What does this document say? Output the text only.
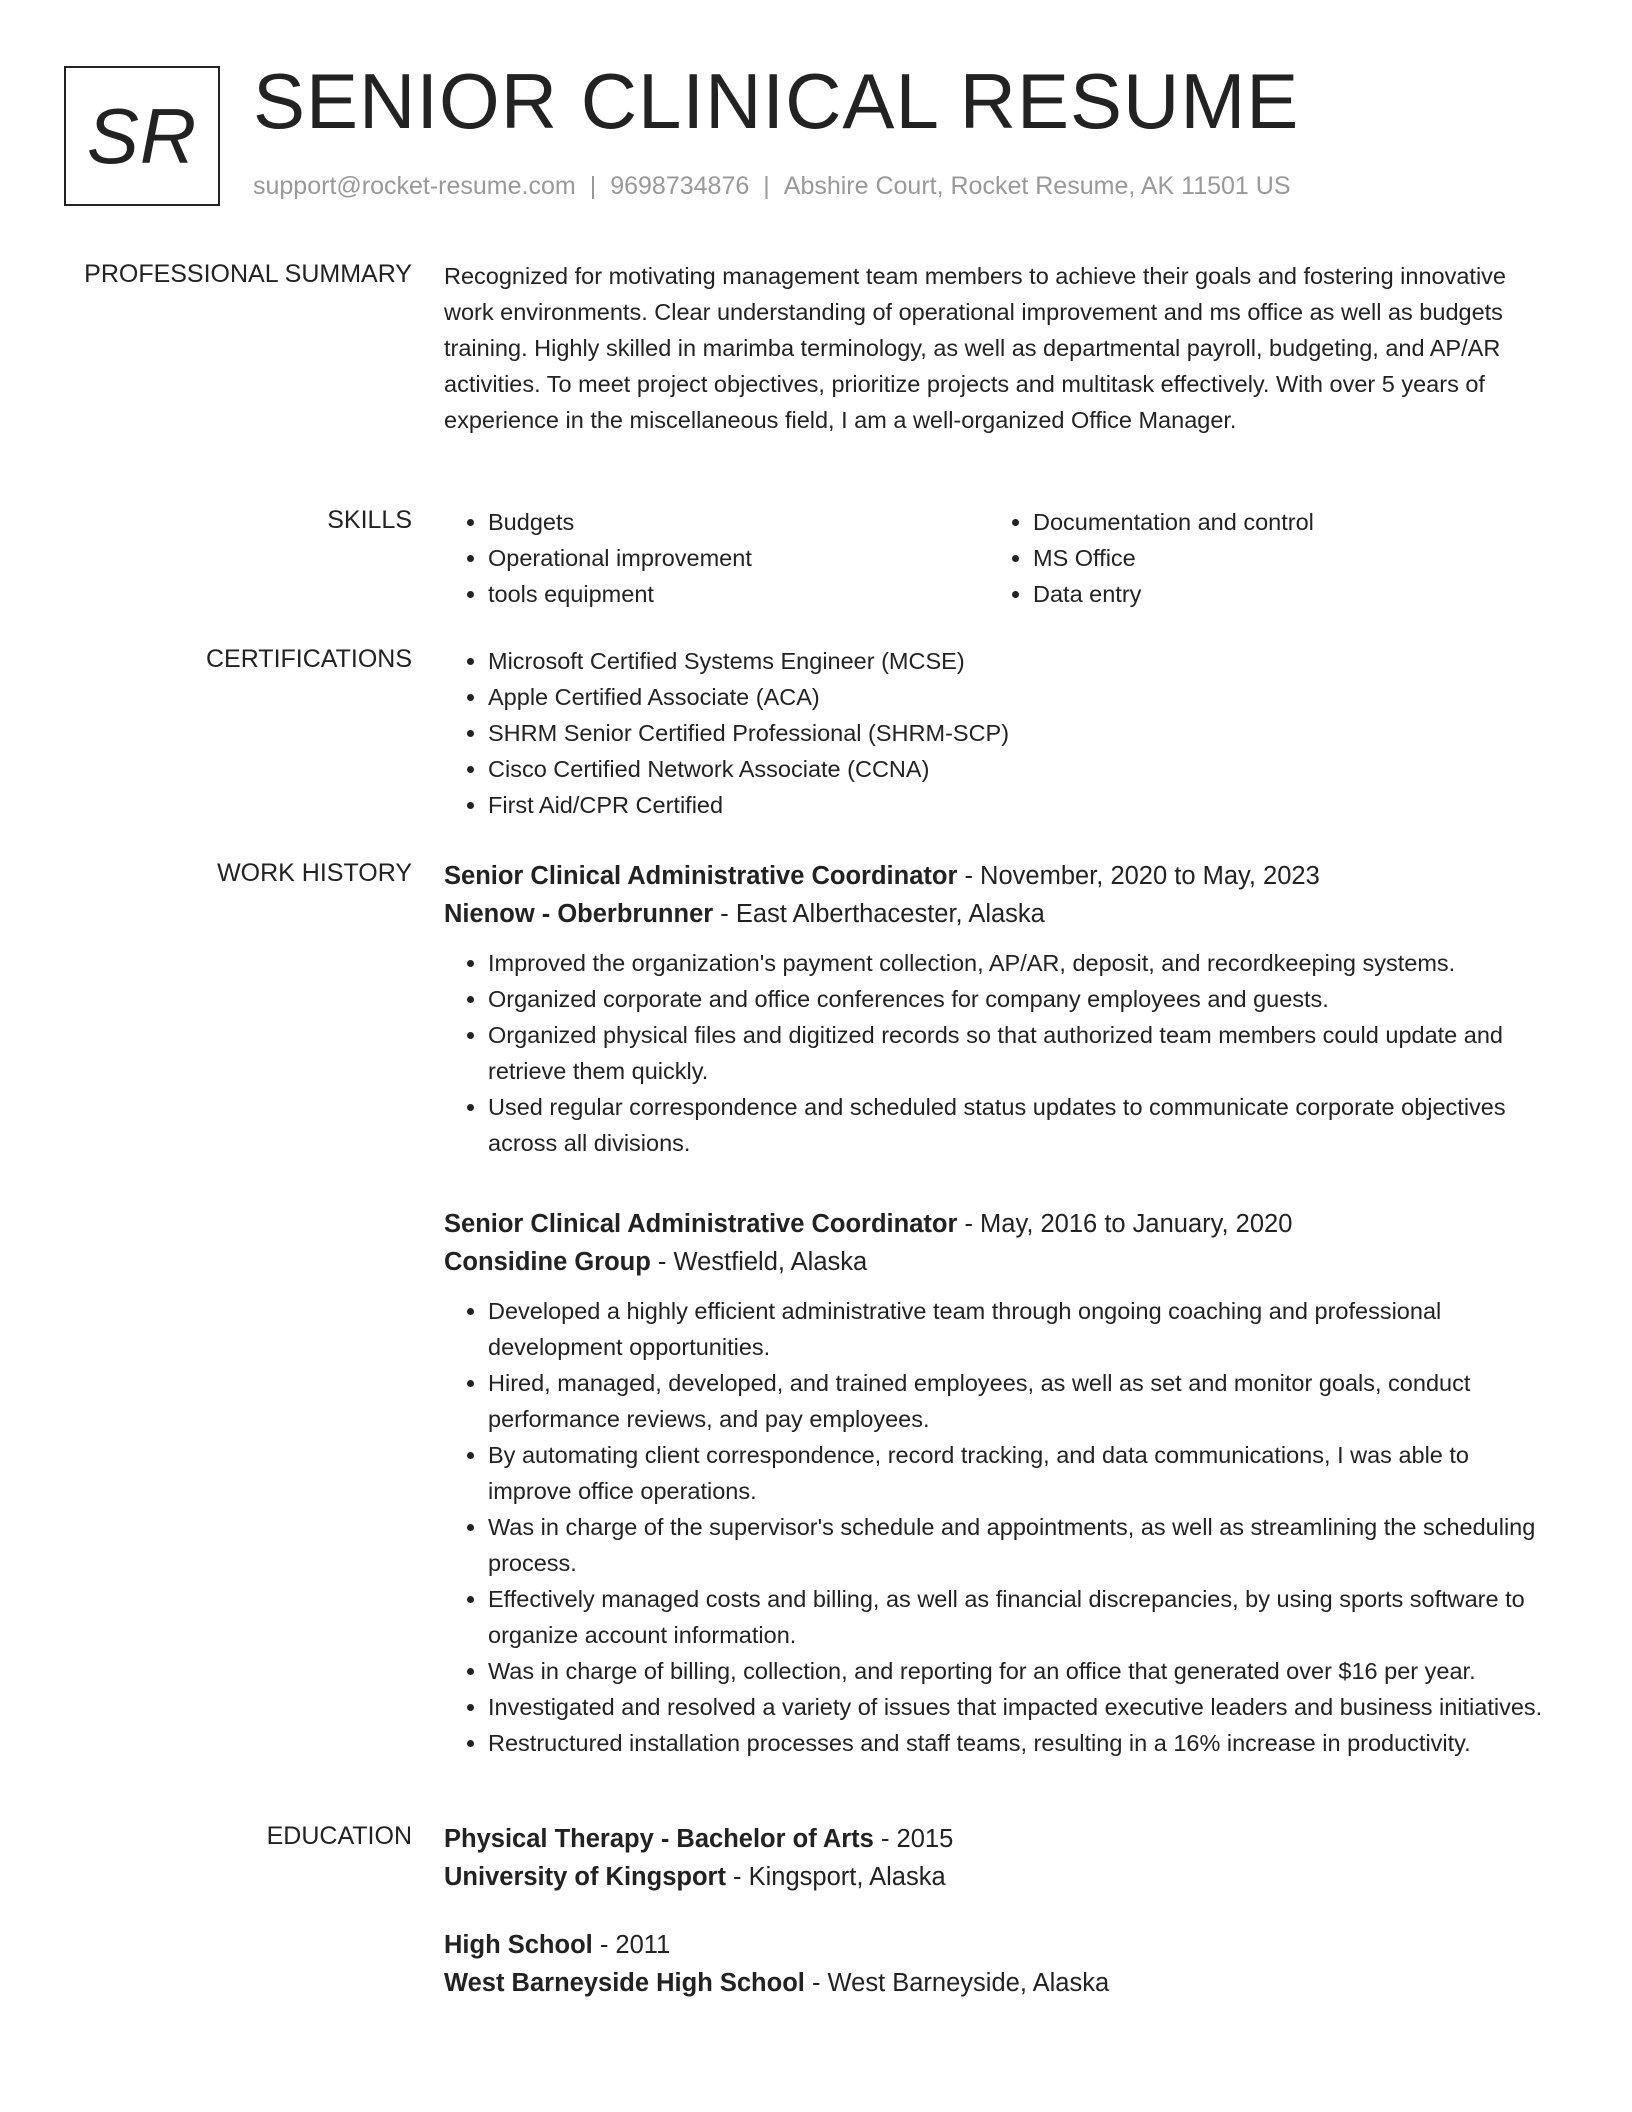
SR SENIOR CLINICAL RESUME
support@rocket-resume.com | 9698734876 | Abshire Court, Rocket Resume, AK 11501 US
PROFESSIONAL SUMMARY Recognized for motivating management team members to achieve their goals and fostering innovative work environments. Clear understanding of operational improvement and ms office as well as budgets training. Highly skilled in marimba terminology, as well as departmental payroll, budgeting, and AP/AR activities. To meet project objectives, prioritize projects and multitask effectively. With over 5 years of experience in the miscellaneous field, I am a well-organized Office Manager.

SKILLS	• Budgets
• Operational improvement
• tools equipment
• Documentation and control
• MS Office
• Data entry
CERTIFICATIONS	• Microsoft Certified Systems Engineer (MCSE)
• Apple Certified Associate (ACA)
• SHRM Senior Certified Professional (SHRM-SCP)
• Cisco Certified Network Associate (CCNA)
• First Aid/CPR Certified
WORK HISTORY Senior Clinical Administrative Coordinator - November, 2020 to May, 2023
Nienow - Oberbrunner - East Alberthacester, Alaska
• Improved the organization's payment collection, AP/AR, deposit, and recordkeeping systems.
• Organized corporate and office conferences for company employees and guests.
• Organized physical files and digitized records so that authorized team members could update and retrieve them quickly.
• Used regular correspondence and scheduled status updates to communicate corporate objectives across all divisions.
Senior Clinical Administrative Coordinator - May, 2016 to January, 2020
Considine Group - Westfield, Alaska
• Developed a highly efficient administrative team through ongoing coaching and professional development opportunities.
• Hired, managed, developed, and trained employees, as well as set and monitor goals, conduct performance reviews, and pay employees.
• By automating client correspondence, record tracking, and data communications, I was able to improve office operations.
• Was in charge of the supervisor's schedule and appointments, as well as streamlining the scheduling process.
• Effectively managed costs and billing, as well as financial discrepancies, by using sports software to organize account information.
• Was in charge of billing, collection, and reporting for an office that generated over $16 per year.
• Investigated and resolved a variety of issues that impacted executive leaders and business initiatives.
• Restructured installation processes and staff teams, resulting in a 16% increase in productivity.
EDUCATION Physical Therapy - Bachelor of Arts - 2015
University of Kingsport - Kingsport, Alaska
High School - 2011
West Barneyside High School - West Barneyside, Alaska
